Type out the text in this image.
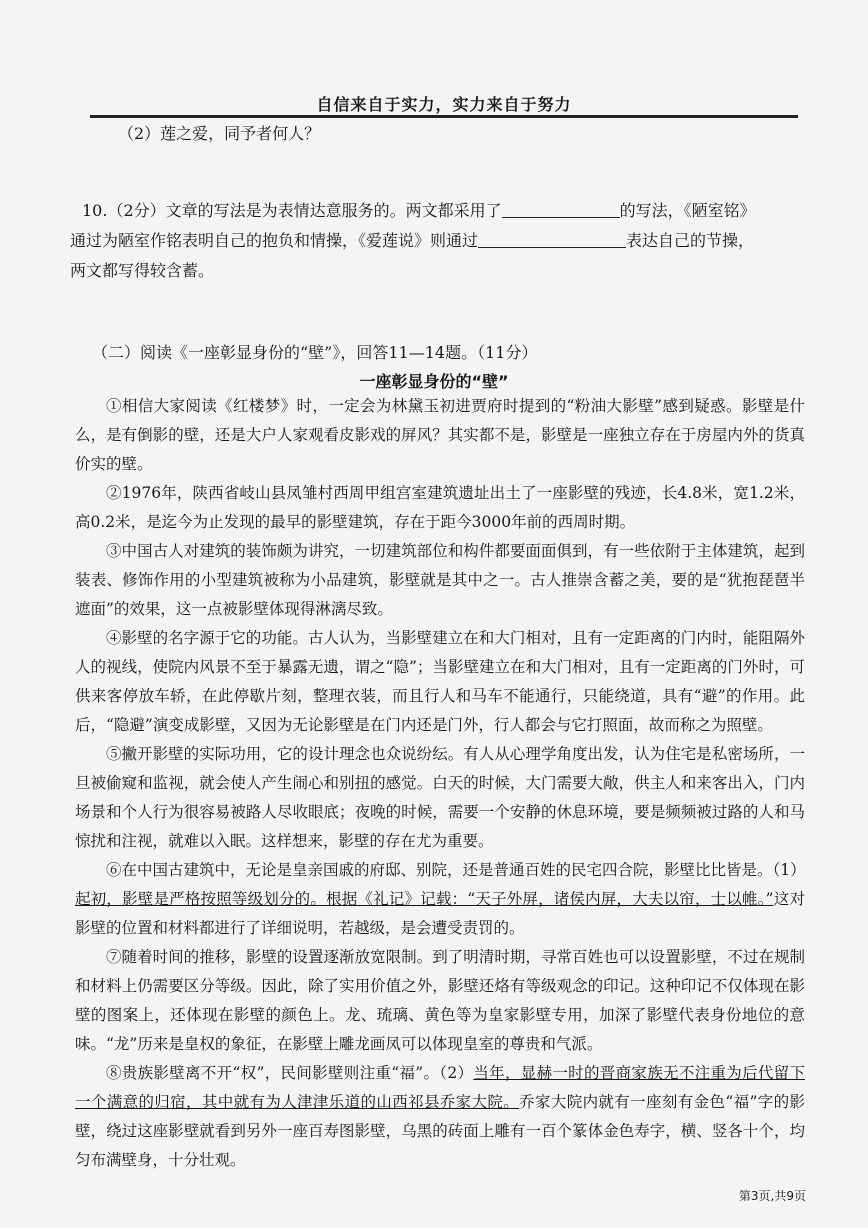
自信来自于实力，实力来自于努力
（2）莲之爱，同予者何人？
10.（2分）文章的写法是为表情达意服务的。两文都采用了	的写法，《陋室铭》
通过为陋室作铭表明自己的抱负和情操，《爱莲说》则通过	表达自己的节操，
两文都写得较含蓄。
（二）阅读《一座彰显身份的“壁”》，回答11—14题。（11分）
一座彰显身份的“壁”

①相信大家阅读《红楼梦》时，一定会为林黛玉初进贾府时提到的“粉油大影壁”感到疑惑。影壁是什么，是有倒影的壁，还是大户人家观看皮影戏的屏风？其实都不是，影壁是一座独立存在于房屋内外的货真价实的壁。

②1976年，陕西省岐山县凤雏村西周甲组宫室建筑遗址出土了一座影壁的残迹，长4.8米，宽1.2米，高0.2米，是迄今为止发现的最早的影壁建筑，存在于距今3000年前的西周时期。

③中国古人对建筑的装饰颇为讲究，一切建筑部位和构件都要面面俱到，有一些依附于主体建筑，起到装表、修饰作用的小型建筑被称为小品建筑，影壁就是其中之一。古人推崇含蓄之美，要的是“犹抱琵琶半遮面”的效果，这一点被影壁体现得淋漓尽致。

④影壁的名字源于它的功能。古人认为，当影壁建立在和大门相对，且有一定距离的门内时，能阻隔外人的视线，使院内风景不至于暴露无遗，谓之“隐”；当影壁建立在和大门相对，且有一定距离的门外时，可供来客停放车轿，在此停歇片刻，整理衣装，而且行人和马车不能通行，只能绕道，具有“避”的作用。此后，“隐避”演变成影壁，又因为无论影壁是在门内还是门外，行人都会与它打照面，故而称之为照壁。

⑤撇开影壁的实际功用，它的设计理念也众说纷纭。有人从心理学角度出发，认为住宅是私密场所，一旦被偷窥和监视，就会使人产生闹心和别扭的感觉。白天的时候，大门需要大敞，供主人和来客出入，门内场景和个人行为很容易被路人尽收眼底；夜晚的时候，需要一个安静的休息环境，要是频频被过路的人和马惊扰和注视，就难以入眠。这样想来，影壁的存在尤为重要。

⑥在中国古建筑中，无论是皇亲国戚的府邸、别院，还是普通百姓的民宅四合院，影壁比比皆是。（1）起初，影壁是严格按照等级划分的。根据《礼记》记载：“天子外屏，诸侯内屏，大夫以帘，士以帷。”这对影壁的位置和材料都进行了详细说明，若越级，是会遭受责罚的。

⑦随着时间的推移，影壁的设置逐渐放宽限制。到了明清时期，寻常百姓也可以设置影壁，不过在规制和材料上仍需要区分等级。因此，除了实用价值之外，影壁还烙有等级观念的印记。这种印记不仅体现在影壁的图案上，还体现在影壁的颜色上。龙、琉璃、黄色等为皇家影壁专用，加深了影壁代表身份地位的意味。“龙”历来是皇权的象征，在影壁上雕龙画凤可以体现皇室的尊贵和气派。

⑧贵族影壁离不开“权”，民间影壁则注重“福”。（2）当年，显赫一时的晋商家族无不注重为后代留下一个满意的归宿，其中就有为人津津乐道的山西祁县乔家大院。乔家大院内就有一座刻有金色“福”字的影壁，绕过这座影壁就看到另外一座百寿图影壁，乌黑的砖面上雕有一百个篆体金色寿字，横、竖各十个，均匀布满壁身，十分壮观。

第3页,共9页
